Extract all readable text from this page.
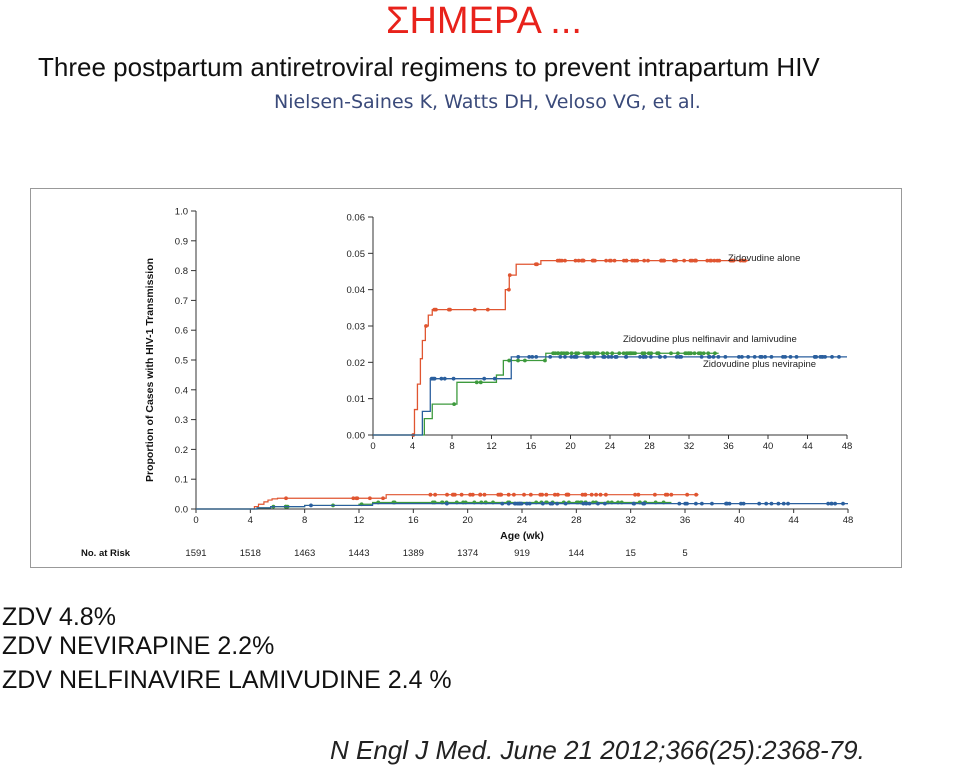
ΣΗΜΕΡΑ ...
Three postpartum antiretroviral regimens to prevent intrapartum HIV
Nielsen-Saines K, Watts DH, Veloso VG, et al.
0.0
0.1
0.2
0.3
0.4
0.5
0.6
0.7
0.8
0.9
1.0
0	4	8	12	16	20	24	28	32	36	40	44	48
Proportion of Cases with HIV-1 Transmission
Age (wk)
0.00
0.01
0.02
0.03
0.04
0.05
0.06
0	4	8	12	16	20	24	28	32	36	40	44	48
Zidovudine alone
Zidovudine plus nelfinavir and lamivudine
Zidovudine plus nevirapine
No. at Risk	1591	1518	1463	1443	1389	1374	919	144	15	5
ZDV 4.8%
ZDV NEVIRAPINE 2.2%
ZDV NELFINAVIRE LAMIVUDINE 2.4 %
N Engl J Med. June 21 2012;366(25):2368-79.
